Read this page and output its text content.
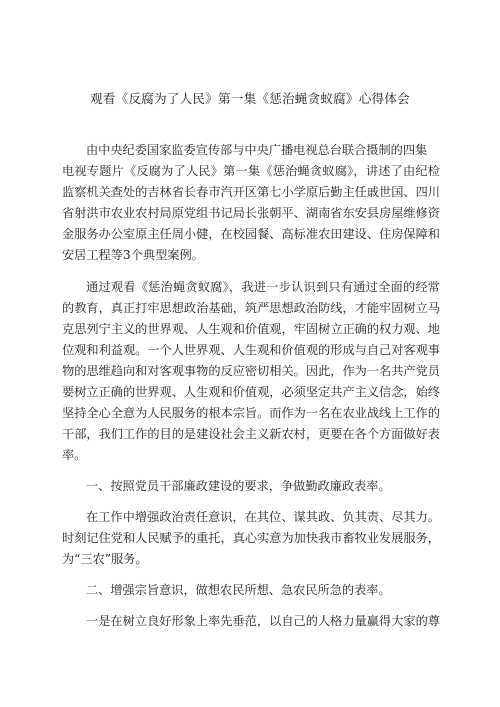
观看《反腐为了人民》第一集《惩治蝇贪蚁腐》心得体会
由中央纪委国家监委宣传部与中央广播电视总台联合摄制的四集
电视专题片《反腐为了人民》第一集《惩治蝇贪蚁腐》，讲述了由纪检
监察机关查处的吉林省长春市汽开区第七小学原后勤主任戚世国、四川
省射洪市农业农村局原党组书记局长张朝平、湖南省东安县房屋维修资
金服务办公室原主任周小健，在校园餐、高标准农田建设、住房保障和
安居工程等3个典型案例。
通过观看《惩治蝇贪蚁腐》，我进一步认识到只有通过全面的经常
的教育，真正打牢思想政治基础，筑严思想政治防线，才能牢固树立马
克思列宁主义的世界观、人生观和价值观，牢固树立正确的权力观、地
位观和利益观。一个人世界观、人生观和价值观的形成与自己对客观事
物的思维趋向和对客观事物的反应密切相关。因此，作为一名共产党员
要树立正确的世界观、人生观和价值观，必须坚定共产主义信念，始终
坚持全心全意为人民服务的根本宗旨。而作为一名在农业战线上工作的
干部，我们工作的目的是建设社会主义新农村，更要在各个方面做好表
率。
一、按照党员干部廉政建设的要求，争做勤政廉政表率。
在工作中增强政治责任意识，在其位、谋其政、负其责、尽其力。
时刻记住党和人民赋予的重托，真心实意为加快我市畜牧业发展服务，
为“三农”服务。
二、增强宗旨意识，做想农民所想、急农民所急的表率。
一是在树立良好形象上率先垂范，以自己的人格力量赢得大家的尊
